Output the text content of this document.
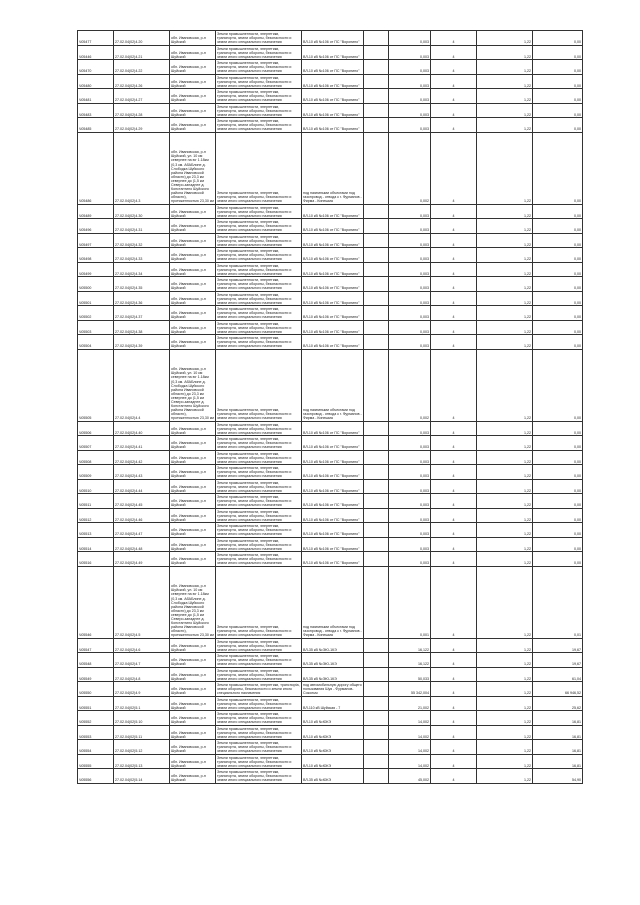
Ч05477	27.02.04(02)4.20	обл. Ивановская, р-н Шуйский	Земли промышленности, энергетики, транспорта, земли обороны, безопасности и земли иного специального назначения	ВЛ-10 кВ №106 от ПС "Воронино"		0,003	4	1,22	0,00
Ч05446	27.02.04(02)4.21	обл. Ивановская, р-н Шуйский	Земли промышленности, энергетики, транспорта, земли обороны, безопасности и земли иного специального назначения	ВЛ-10 кВ №106 от ПС "Воронино"		0,003	4	1,22	0,00
Ч05470	27.02.04(02)4.22	обл. Ивановская, р-н Шуйский	Земли промышленности, энергетики, транспорта, земли обороны, безопасности и земли иного специального назначения	ВЛ-10 кВ №106 от ПС "Воронино"		0,003	4	1,22	0,00
Ч05480	27.02.04(02)4.26	обл. Ивановская, р-н Шуйский	Земли промышленности, энергетики, транспорта, земли обороны, безопасности и земли иного специального назначения	ВЛ-10 кВ №106 от ПС "Воронино"		0,003	4	1,22	0,00
Ч05481	27.02.04(02)4.27	обл. Ивановская, р-н Шуйский	Земли промышленности, энергетики, транспорта, земли обороны, безопасности и земли иного специального назначения	ВЛ-10 кВ №106 от ПС "Воронино"		0,003	4	1,22	0,00
Ч05483	27.02.04(02)4.28	обл. Ивановская, р-н Шуйский	Земли промышленности, энергетики, транспорта, земли обороны, безопасности и земли иного специального назначения	ВЛ-10 кВ №106 от ПС "Воронино"		0,003	4	1,22	0,00
Ч05485	27.02.04(02)4.29	обл. Ивановская, р-н Шуйский	Земли промышленности, энергетики, транспорта, земли обороны, безопасности и земли иного специального назначения	ВЛ-10 кВ №106 от ПС "Воронино"		0,003	4	1,22	0,00
Ч05486	27.02.04(02)4.3	обл. Ивановская, р-н Шуйский, ул. 10 км севернее на юг 1.18км (0,3 км. АбАБлине д. Слободка Шуйского района Ивановской области) до 23,3 км севернее до (1,5 км Северо-западнее д. Константино Шуйского района Ивановской области), протяженностью 23,30 км	Земли промышленности, энергетики, транспорта, земли обороны, безопасности и земли иного специального назначения	под наземными объектами под газопровод - отвода к г. Фурманов - Фирма - Кинешма		0,002	4	1,22	0,00
Ч05489	27.02.04(02)4.30	обл. Ивановская, р-н Шуйский	Земли промышленности, энергетики, транспорта, земли обороны, безопасности и земли иного специального назначения	ВЛ-10 кВ №106 от ПС "Воронино"		0,003	4	1,22	0,00
Ч05496	27.02.04(02)4.31	обл. Ивановская, р-н Шуйский	Земли промышленности, энергетики, транспорта, земли обороны, безопасности и земли иного специального назначения	ВЛ-10 кВ №106 от ПС "Воронино"		0,003	4	1,22	0,00
Ч05497	27.02.04(02)4.32	обл. Ивановская, р-н Шуйский	Земли промышленности, энергетики, транспорта, земли обороны, безопасности и земли иного специального назначения	ВЛ-10 кВ №106 от ПС "Воронино"		0,003	4	1,22	0,00
Ч05498	27.02.04(02)4.33	обл. Ивановская, р-н Шуйский	Земли промышленности, энергетики, транспорта, земли обороны, безопасности и земли иного специального назначения	ВЛ-10 кВ №106 от ПС "Воронино"		0,003	4	1,22	0,00
Ч05499	27.02.04(02)4.34	обл. Ивановская, р-н Шуйский	Земли промышленности, энергетики, транспорта, земли обороны, безопасности и земли иного специального назначения	ВЛ-10 кВ №106 от ПС "Воронино"		0,003	4	1,22	0,00
Ч05500	27.02.04(02)4.35	обл. Ивановская, р-н Шуйский	Земли промышленности, энергетики, транспорта, земли обороны, безопасности и земли иного специального назначения	ВЛ-10 кВ №106 от ПС "Воронино"		0,003	4	1,22	0,00
Ч05501	27.02.04(02)4.36	обл. Ивановская, р-н Шуйский	Земли промышленности, энергетики, транспорта, земли обороны, безопасности и земли иного специального назначения	ВЛ-10 кВ №106 от ПС "Воронино"		0,003	4	1,22	0,00
Ч05502	27.02.04(02)4.37	обл. Ивановская, р-н Шуйский	Земли промышленности, энергетики, транспорта, земли обороны, безопасности и земли иного специального назначения	ВЛ-10 кВ №106 от ПС "Воронино"		0,003	4	1,22	0,00
Ч05503	27.02.04(02)4.38	обл. Ивановская, р-н Шуйский	Земли промышленности, энергетики, транспорта, земли обороны, безопасности и земли иного специального назначения	ВЛ-10 кВ №106 от ПС "Воронино"		0,003	4	1,22	0,00
Ч05504	27.02.04(02)4.39	обл. Ивановская, р-н Шуйский	Земли промышленности, энергетики, транспорта, земли обороны, безопасности и земли иного специального назначения	ВЛ-10 кВ №106 от ПС "Воронино"		0,003	4	1,22	0,00
Ч05505	27.02.04(02)4.4	обл. Ивановская, р-н Шуйский, ул. 10 км севернее на юг 1.18км (0,3 км. АбАБлине д. Слободка Шуйского района Ивановской области) до 23,3 км севернее до (1,5 км Северо-западнее д. Константино Шуйского района Ивановской области), протяженностью 23,30 км	Земли промышленности, энергетики, транспорта, земли обороны, безопасности и земли иного специального назначения	под наземными объектами под газопровод - отвода к г. Фурманов - Фирма - Кинешма		0,002	4	1,22	0,00
Ч05506	27.02.04(02)4.40	обл. Ивановская, р-н Шуйский	Земли промышленности, энергетики, транспорта, земли обороны, безопасности и земли иного специального назначения	ВЛ-10 кВ №106 от ПС "Воронино"		0,003	4	1,22	0,00
Ч05507	27.02.04(02)4.41	обл. Ивановская, р-н Шуйский	Земли промышленности, энергетики, транспорта, земли обороны, безопасности и земли иного специального назначения	ВЛ-10 кВ №106 от ПС "Воронино"		0,003	4	1,22	0,00
Ч05508	27.02.04(02)4.42	обл. Ивановская, р-н Шуйский	Земли промышленности, энергетики, транспорта, земли обороны, безопасности и земли иного специального назначения	ВЛ-10 кВ №106 от ПС "Воронино"		0,003	4	1,22	0,00
Ч05509	27.02.04(02)4.43	обл. Ивановская, р-н Шуйский	Земли промышленности, энергетики, транспорта, земли обороны, безопасности и земли иного специального назначения	ВЛ-10 кВ №106 от ПС "Воронино"		0,003	4	1,22	0,00
Ч05510	27.02.04(02)4.44	обл. Ивановская, р-н Шуйский	Земли промышленности, энергетики, транспорта, земли обороны, безопасности и земли иного специального назначения	ВЛ-10 кВ №106 от ПС "Воронино"		0,003	4	1,22	0,00
Ч05511	27.02.04(02)4.45	обл. Ивановская, р-н Шуйский	Земли промышленности, энергетики, транспорта, земли обороны, безопасности и земли иного специального назначения	ВЛ-10 кВ №106 от ПС "Воронино"		0,003	4	1,22	0,00
Ч05512	27.02.04(02)4.46	обл. Ивановская, р-н Шуйский	Земли промышленности, энергетики, транспорта, земли обороны, безопасности и земли иного специального назначения	ВЛ-10 кВ №106 от ПС "Воронино"		0,003	4	1,22	0,00
Ч05513	27.02.04(02)4.47	обл. Ивановская, р-н Шуйский	Земли промышленности, энергетики, транспорта, земли обороны, безопасности и земли иного специального назначения	ВЛ-10 кВ №106 от ПС "Воронино"		0,003	4	1,22	0,00
Ч05514	27.02.04(02)4.48	обл. Ивановская, р-н Шуйский	Земли промышленности, энергетики, транспорта, земли обороны, безопасности и земли иного специального назначения	ВЛ-10 кВ №106 от ПС "Воронино"		0,003	4	1,22	0,00
Ч05516	27.02.04(02)4.49	обл. Ивановская, р-н Шуйский	Земли промышленности, энергетики, транспорта, земли обороны, безопасности и земли иного специального назначения	ВЛ-10 кВ №106 от ПС "Воронино"		0,003	4	1,22	0,00
Ч05546	27.02.04(02)4.5	обл. Ивановская, р-н Шуйский, ул. 10 км севернее на юг 1.18км (0,3 км. АбАБлине д. Слободка Шуйского района Ивановской области) до 23,3 км севернее до (1,5 км Северо-западнее д. Константино Шуйского района Ивановской области), протяженностью 23,30 км	Земли промышленности, энергетики, транспорта, земли обороны, безопасности и земли иного специального назначения	под наземными объектами под газопровод - отвода к г. Фурманов - Фирма - Кинешма		0,001	4	1,22	0,01
Ч05547	27.02.04(02)4.6	обл. Ивановская, р-н Шуйский	Земли промышленности, энергетики, транспорта, земли обороны, безопасности и земли иного специального назначения	ВЛ-35 кВ №ЭЮ-1КЭ		16,122	4	1,22	19,67
Ч05548	27.02.04(02)4.7	обл. Ивановская, р-н Шуйский	Земли промышленности, энергетики, транспорта, земли обороны, безопасности и земли иного специального назначения	ВЛ-35 кВ №ЭЮ-1КЭ		16,122	4	1,22	19,67
Ч05549	27.02.04(02)4.8	обл. Ивановская, р-н Шуйский	Земли промышленности, энергетики, транспорта, земли обороны, безопасности и земли иного специального назначения	ВЛ-35 кВ №ЭЮ-1КЭ		50,033	4	1,22	61,04
Ч05550	27.02.04(02)4.9	обл. Ивановская, р-н Шуйский	Земли промышленности, энергетики, транспорta, земли обороны, безопасности и земли иного специального назначения	под автомобильную дорогу общего пользования Шуя - Фурманов-Сокольм		55 342,004	4	1,22	66 946,52
Ч05551	27.02.04(02)5.1	обл. Ивановская, р-н Шуйский	Земли промышленности, энергетики, транспорта, земли обороны, безопасности и земли иного специального назначения	ВЛ-110 кВ Шуйская - 7		21,002	4	1,22	25,62
Ч05552	27.02.04(02)5.10	обл. Ивановская, р-н Шуйский	Земли промышленности, энергетики, транспорта, земли обороны, безопасности и земли иного специального назначения	ВЛ-10 кВ №ЮКЭ		14,002	4	1,22	16,81
Ч05553	27.02.04(02)5.11	обл. Ивановская, р-н Шуйский	Земли промышленности, энергетики, транспорта, земли обороны, безопасности и земли иного специального назначения	ВЛ-10 кВ №ЮКЭ		14,002	4	1,22	16,81
Ч05554	27.02.04(02)5.12	обл. Ивановская, р-н Шуйский	Земли промышленности, энергетики, транспорта, земли обороны, безопасности и земли иного специального назначения	ВЛ-10 кВ №ЮКЭ		14,002	4	1,22	16,81
Ч05555	27.02.04(02)5.13	обл. Ивановская, р-н Шуйский	Земли промышленности, энергетики, транспорта, земли обороны, безопасности и земли иного специального назначения	ВЛ-10 кВ №ЮКЭ		14,002	4	1,22	16,81
Ч05556	27.02.04(02)5.14	обл. Ивановская, р-н Шуйский	Земли промышленности, энергетики, транспорта, земли обороны, безопасности и земли иного специального назначения	ВЛ-35 кВ №ЮКЭ		45,002	4	1,22	54,90
